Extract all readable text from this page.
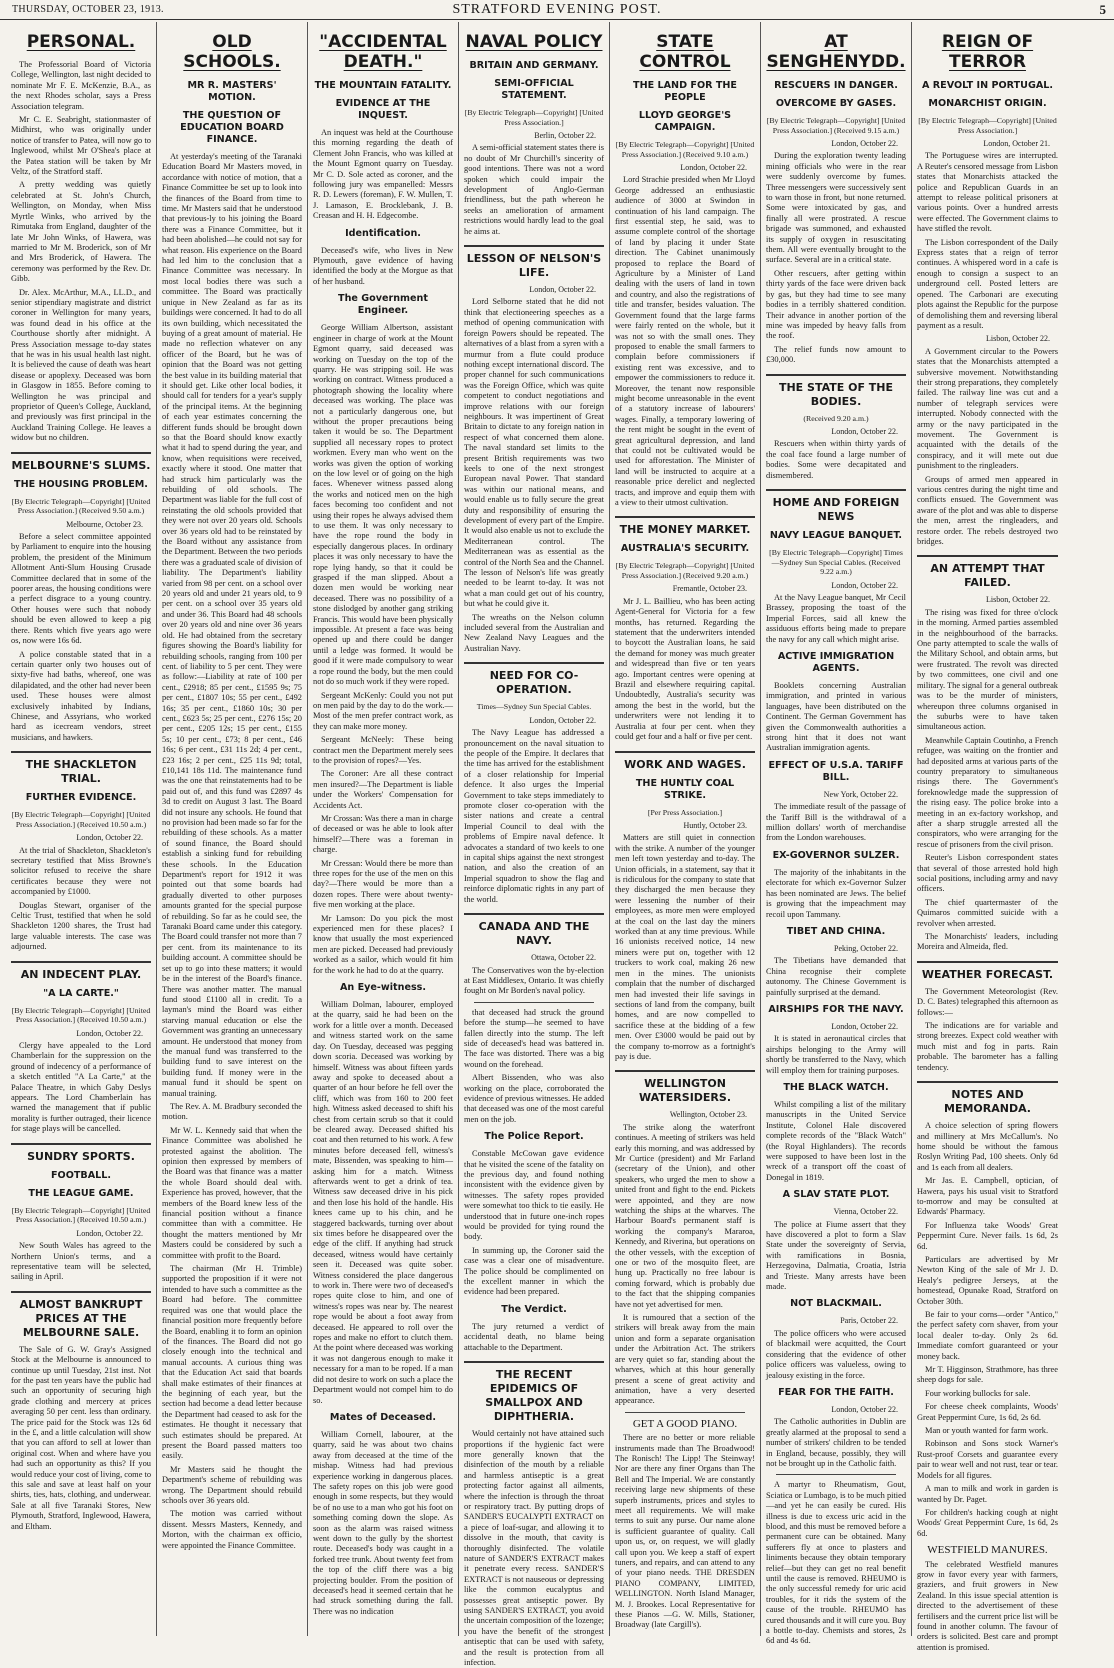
THURSDAY, OCTOBER 23, 1913.	STRATFORD EVENING POST.	5
PERSONAL.

The Professorial Board of Victoria College, Wellington, last night decided to nominate Mr F. E. McKenzie, B.A., as the next Rhodes scholar, says a Press Association telegram.

Mr C. E. Seabright, stationmaster of Midhirst, who was originally under notice of transfer to Patea, will now go to Inglewood, whilst Mr O'Shea's place at the Patea station will be taken by Mr Veltz, of the Stratford staff.

A pretty wedding was quietly celebrated at St. John's Church, Wellington, on Monday, when Miss Myrtle Winks, who arrived by the Rimutaka from England, daughter of the late Mr John Winks, of Hawera, was married to Mr M. Broderick, son of Mr and Mrs Broderick, of Hawera. The ceremony was performed by the Rev. Dr. Gibb.

Dr. Alex. McArthur, M.A., LL.D., and senior stipendiary magistrate and district coroner in Wellington for many years, was found dead in his office at the Courthouse shortly after midnight. A Press Association message to-day states that he was in his usual health last night. It is believed the cause of death was heart disease or apoplexy. Deceased was born in Glasgow in 1855. Before coming to Wellington he was principal and proprietor of Queen's College, Auckland, and previously was first principal in the Auckland Training College. He leaves a widow but no children.

MELBOURNE'S SLUMS.
THE HOUSING PROBLEM.
[By Electric Telegraph—Copyright] [United Press Association.] (Received 9.50 a.m.)
Melbourne, October 23.

Before a select committee appointed by Parliament to enquire into the housing problem, the president of the Minimum Allotment Anti-Slum Housing Crusade Committee declared that in some of the poorer areas, the housing conditions were a perfect disgrace to a young country. Other houses were such that nobody should be even allowed to keep a pig there. Rents which five years ago were os, now were 16s 6d.

A police constable stated that in a certain quarter only two houses out of sixty-five had baths, whereof, one was dilapidated, and the other had never been used. These houses were almost exclusively inhabited by Indians, Chinese, and Assyrians, who worked hard as icecream vendors, street musicians, and hawkers.

THE SHACKLETON TRIAL.
FURTHER EVIDENCE.
[By Electric Telegraph—Copyright] [United Press Association.] (Received 10.50 a.m.)
London, October 22.

At the trial of Shackleton, Shackleton's secretary testified that Miss Browne's solicitor refused to receive the share certificates because they were not accompanied by £1000.

Douglas Stewart, organiser of the Celtic Trust, testified that when he sold Shackleton 1200 shares, the Trust had large valuable interests. The case was adjourned.

AN INDECENT PLAY.
"A LA CARTE."
[By Electric Telegraph—Copyright] [United Press Association.] (Received 10.50 a.m.)
London, October 22.

Clergy have appealed to the Lord Chamberlain for the suppression on the ground of indecency of a performance of a sketch entitled "A La Carte," at the Palace Theatre, in which Gaby Deslys appears. The Lord Chamberlain has warned the management that if public morality is further outraged, their licence for stage plays will be cancelled.

SUNDRY SPORTS.
FOOTBALL.
THE LEAGUE GAME.
[By Electric Telegraph—Copyright] [United Press Association.] (Received 10.50 a.m.)
London, October 22.

New South Wales has agreed to the Northern Union's terms, and a representative team will be selected, sailing in April.

ALMOST BANKRUPT PRICES AT THE MELBOURNE SALE.

The Sale of G. W. Gray's Assigned Stock at the Melbourne is announced to continue up until Tuesday, 21st inst. Not for the past ten years have the public had such an opportunity of securing high grade clothing and mercery at prices averaging 50 per cent. less than ordinary. The price paid for the Stock was 12s 6d in the £, and a little calculation will show that you can afford to sell at lower than original cost. When and where have you had such an opportunity as this? If you would reduce your cost of living, come to this sale and save at least half on your shirts, ties, hats, clothing, and underwear. Sale at all five Taranaki Stores, New Plymouth, Stratford, Inglewood, Hawera, and Eltham.

OLD SCHOOLS.
MR R. MASTERS' MOTION.
THE QUESTION OF EDUCATION BOARD FINANCE.

At yesterday's meeting of the Taranaki Education Board Mr Masters moved, in accordance with notice of motion, that a Finance Committee be set up to look into the finances of the Board from time to time. Mr Masters said that he understood that previous-ly to his joining the Board there was a Finance Committee, but it had been abolished—he could not say for what reason. His experience on the Board had led him to the conclusion that a Finance Committee was necessary. In most local bodies there was such a committee. The Board was practically unique in New Zealand as far as its buildings were concerned. It had to do all its own building, which necessitated the buying of a great amount of material. He made no reflection whatever on any officer of the Board, but he was of opinion that the Board was not getting the best value in its building material that it should get. Like other local bodies, it should call for tenders for a year's supply of the principal items. At the beginning of each year estimates concerning the different funds should be brought down so that the Board should know exactly what it had to spend during the year, and know, when requisitions were received, exactly where it stood. One matter that had struck him particularly was the rebuilding of old schools. The Department was liable for the full cost of reinstating the old schools provided that they were not over 20 years old. Schools over 36 years old had to be reinstated by the Board without any assistance from the Department. Between the two periods there was a graduated scale of division of liability. The Department's liability varied from 98 per cent. on a school over 20 years old and under 21 years old, to 9 per cent. on a school over 35 years old and under 36. This Board had 48 schools over 20 years old and nine over 36 years old. He had obtained from the secretary figures showing the Board's liability for rebuilding schools, ranging from 100 per cent. of liability to 5 per cent. They were as follow:—Liability at rate of 100 per cent., £2918; 85 per cent., £1595 9s; 75 per cent., £1807 10s; 55 per cent., £492 16s; 35 per cent., £1860 10s; 30 per cent., £623 5s; 25 per cent., £276 15s; 20 per cent., £205 12s; 15 per cent., £155 5s; 10 per cent., £73; 8 per cent., £46 16s; 6 per cent., £31 11s 2d; 4 per cent., £23 16s; 2 per cent., £25 11s 9d; total, £10,141 18s 11d. The maintenance fund was the one that reinstatements had to be paid out of, and this fund was £2897 4s 3d to credit on August 3 last. The Board did not insure any schools. He found that no provision had been made so far for the rebuilding of these schools. As a matter of sound finance, the Board should establish a sinking fund for rebuilding these schools. In the Education Department's report for 1912 it was pointed out that some boards had gradually diverted to other purposes amounts granted for the special purpose of rebuilding. So far as he could see, the Taranaki Board came under this category. The Board could transfer not more than 7 per cent. from its maintenance to its building account. A committee should be set up to go into these matters; it would be in the interest of the Board's finance. There was another matter. The manual fund stood £1100 all in credit. To a layman's mind the Board was either starving manual education or else the Government was granting an unnecessary amount. He understood that money from the manual fund was transferred to the building fund to save interest on the building fund. If money were in the manual fund it should be spent on manual training.

The Rev. A. M. Bradbury seconded the motion.

Mr W. L. Kennedy said that when the Finance Committee was abolished he protested against the abolition. The opinion then expressed by members of the Board was that finance was a matter the whole Board should deal with. Experience has proved, however, that the members of the Board knew less of the financial position without a finance committee than with a committee. He thought the matters mentioned by Mr Masters could be considered by such a committee with profit to the Board.

The chairman (Mr H. Trimble) supported the proposition if it were not intended to have such a committee as the Board had before. The committee required was one that would place the financial position more frequently before the Board, enabling it to form an opinion of the finances. The Board did not go closely enough into the technical and manual accounts. A curious thing was that the Education Act said that boards shall make estimates of their finances at the beginning of each year, but the section had become a dead letter because the Department had ceased to ask for the estimates. He thought it necessary that such estimates should be prepared. At present the Board passed matters too easily.

Mr Masters said he thought the Department's scheme of rebuilding was wrong. The Department should rebuild schools over 36 years old.

The motion was carried without dissent. Messrs Masters, Kennedy, and Morton, with the chairman ex officio, were appointed the Finance Committee.

"ACCIDENTAL DEATH."
THE MOUNTAIN FATALITY.
EVIDENCE AT THE INQUEST.

An inquest was held at the Courthouse this morning regarding the death of Clement John Francis, who was killed at the Mount Egmont quarry on Tuesday. Mr C. D. Sole acted as coroner, and the following jury was empanelled: Messrs R. D. Lewers (foreman), F. W. Mullen, T. J. Lamason, E. Brocklebank, J. B. Creasan and H. H. Edgecombe.

Identification.

Deceased's wife, who lives in New Plymouth, gave evidence of having identified the body at the Morgue as that of her husband.

The Government Engineer.

George William Albertson, assistant engineer in charge of work at the Mount Egmont quarry, said deceased was working on Tuesday on the top of the quarry. He was stripping soil. He was working on contract. Witness produced a photograph showing the locality where deceased was working. The place was not a particularly dangerous one, but without the proper precautions being taken it would be so. The Department supplied all necessary ropes to protect workmen. Every man who went on the works was given the option of working on the low level or of going on the high faces. Whenever witness passed along the works and noticed men on the high faces becoming too confident and not using their ropes he always advised them to use them. It was only necessary to have the rope round the body in especially dangerous places. In ordinary places it was only necessary to have the rope lying handy, so that it could be grasped if the man slipped. About a dozen men would be working near deceased. There was no possibility of a stone dislodged by another gang striking Francis. This would have been physically impossible. At present a face was being opened up and there could be danger until a ledge was formed. It would be good if it were made compulsory to wear a rope round the body, but the men could not do so much work if they were roped.

Sergeant McKenly: Could you not put on men paid by the day to do the work.—Most of the men prefer contract work, as they can make more money.

Sergeant McNeely: These being contract men the Department merely sees to the provision of ropes?—Yes.

The Coroner: Are all these contract men insured?—The Department is liable under the Workers' Compensation for Accidents Act.

Mr Crossan: Was there a man in charge of deceased or was he able to look after himself?—There was a foreman in charge.

Mr Cressan: Would there be more than three ropes for the use of the men on this day?—There would be more than a dozen ropes. There were about twenty-five men working at the place.

Mr Lamson: Do you pick the most experienced men for these places? I know that usually the most experienced men are picked. Deceased had previously worked as a sailor, which would fit him for the work he had to do at the quarry.

An Eye-witness.

William Dolman, labourer, employed at the quarry, said he had been on the work for a little over a month. Deceased and witness started work on the same day. On Tuesday, deceased was pegging down scoria. Deceased was working by himself. Witness was about fifteen yards away and spoke to deceased about a quarter of an hour before he fell over the cliff, which was from 160 to 200 feet high. Witness asked deceased to shift his chest from certain scrub so that it could be cleared away. Deceased shifted his coat and then returned to his work. A few minutes before deceased fell, witness's mate, Bissenden, was speaking to him—asking him for a match. Witness afterwards went to get a drink of tea. Witness saw deceased drive in his pick and then lose his hold of the handle. His knees came up to his chin, and he staggered backwards, turning over about six times before he disappeared over the edge of the cliff. If anything had struck deceased, witness would have certainly seen it. Deceased was quite sober. Witness considered the place dangerous to work in. There were two of deceased's ropes quite close to him, and one of witness's ropes was near by. The nearest rope would be about a foot away from deceased. He appeared to roll over the ropes and make no effort to clutch them. At the point where deceased was working it was not dangerous enough to make it necessary for a man to be roped. If a man did not desire to work on such a place the Department would not compel him to do so.

Mates of Deceased.

William Cornell, labourer, at the quarry, said he was about two chains away from deceased at the time of the mishap. Witness had had previous experience working in dangerous places. The safety ropes on this job were good enough in some respects, but they would be of no use to a man who got his foot on something coming down the slope. As soon as the alarm was raised witness went down to the gully by the shortest route. Deceased's body was caught in a forked tree trunk. About twenty feet from the top of the cliff there was a big projecting boulder. From the position of deceased's head it seemed certain that he had struck something during the fall. There was no indication

NAVAL POLICY
BRITAIN AND GERMANY.
SEMI-OFFICIAL STATEMENT.
[By Electric Telegraph—Copyright] [United Press Association.]
Berlin, October 22.

A semi-official statement states there is no doubt of Mr Churchill's sincerity of good intentions. There was not a word spoken which could impair the development of Anglo-German friendliness, but the path whereon he seeks an amelioration of armament restrictions would hardly lead to the goal he aims at.

LESSON OF NELSON'S LIFE.
London, October 22.

Lord Selborne stated that he did not think that electioneering speeches as a method of opening communication with foreign Powers should be repeated. The alternatives of a blast from a syren with a murmur from a flute could produce nothing except international discord. The proper channel for such communications was the Foreign Office, which was quite competent to conduct negotiations and improve relations with our foreign neighbours. It was impertinent of Great Britain to dictate to any foreign nation in respect of what concerned them alone. The naval standard set limits to the present British requirements was two keels to one of the next strongest European naval Power. That standard was within our national means, and would enable us to fully secure the great duty and responsibility of ensuring the development of every part of the Empire. It would also enable us not to exclude the Mediterranean control. The Mediterranean was as essential as the control of the North Sea and the Channel. The lesson of Nelson's life was greatly needed to be learnt to-day. It was not what a man could get out of his country, but what he could give it.

The wreaths on the Nelson column included several from the Australian and New Zealand Navy Leagues and the Australian Navy.

NEED FOR CO-OPERATION.
Times—Sydney Sun Special Cables.
London, October 22.

The Navy League has addressed a pronouncement on the naval situation to the people of the Empire. It declares that the time has arrived for the establishment of a closer relationship for Imperial defence. It also urges the Imperial Government to take steps immediately to promote closer co-operation with the sister nations and create a central Imperial Council to deal with the problems of Empire naval defence. It advocates a standard of two keels to one in capital ships against the next strongest nation, and also the creation of an Imperial squadron to show the flag and reinforce diplomatic rights in any part of the world.

CANADA AND THE NAVY.
Ottawa, October 22.

The Conservatives won the by-election at East Middlesex, Ontario. It was chiefly fought on Mr Borden's naval policy.

that deceased had struck the ground before the stump—he seemed to have fallen directly into the stump. The left side of deceased's head was battered in. The face was distorted. There was a big wound on the forehead.

Albert Bissenden, who was also working on the place, corroborated the evidence of previous witnesses. He added that deceased was one of the most careful men on the job.

The Police Report.

Constable McCowan gave evidence that he visited the scene of the fatality on the previous day, and found nothing inconsistent with the evidence given by witnesses. The safety ropes provided were somewhat too thick to tie easily. He understood that in future one-inch ropes would be provided for tying round the body.

In summing up, the Coroner said the case was a clear one of misadventure. The police should be complimented on the excellent manner in which the evidence had been prepared.

The Verdict.

The jury returned a verdict of accidental death, no blame being attachable to the Department.

THE RECENT EPIDEMICS OF SMALLPOX AND DIPHTHERIA.

Would certainly not have attained such proportions if the hygienic fact were more generally known that the disinfection of the mouth by a reliable and harmless antiseptic is a great protecting factor against all ailments, where the infection is through the throat or respiratory tract. By putting drops of SANDER'S EUCALYPTI EXTRACT on a piece of loaf-sugar, and allowing it to dissolve in the mouth, that cavity is thoroughly disinfected. The volatile nature of SANDER'S EXTRACT makes it penetrate every recess. SANDER'S EXTRACT is not nauseous or depressing like the common eucalyptus and possesses great antiseptic power. By using SANDER'S EXTRACT, you avoid the uncertain composition of the lozenge; you have the benefit of the strongest antiseptic that can be used with safety, and the result is protection from all infection.

STATE CONTROL
THE LAND FOR THE PEOPLE
LLOYD GEORGE'S CAMPAIGN.
[By Electric Telegraph—Copyright] [United Press Association.] (Received 9.10 a.m.)
London, October 22.

Lord Strachie presided when Mr Lloyd George addressed an enthusiastic audience of 3000 at Swindon in continuation of his land campaign. The first essential step, he said, was to assume complete control of the shortage of land by placing it under State direction. The Cabinet unanimously proposed to replace the Board of Agriculture by a Minister of Land dealing with the users of land in town and country, and also the registrations of title and transfer, besides valuation. The Government found that the large farms were fairly rented on the whole, but it was not so with the small ones. They proposed to enable the small farmers to complain before commissioners if existing rent was excessive, and to empower the commissioners to reduce it. Moreover, the tenant now responsible might become unreasonable in the event of a statutory increase of labourers' wages. Finally, a temporary lowering of the rent might be sought in the event of great agricultural depression, and land that could not be cultivated would be used for afforestation. The Minister of land will be instructed to acquire at a reasonable price derelict and neglected tracts, and improve and equip them with a view to their utmost cultivation.

THE MONEY MARKET.
AUSTRALIA'S SECURITY.
[By Electric Telegraph—Copyright] [United Press Association.] (Received 9.20 a.m.)
Fremantle, October 23.

Mr J. L. Baillieu, who has been acting Agent-General for Victoria for a few months, has returned. Regarding the statement that the underwriters intended to boycott the Australian loans, he said the demand for money was much greater and widespread than five or ten years ago. Important centres were opening at Brazil and elsewhere requiring capital. Undoubtedly, Australia's security was among the best in the world, but the underwriters were not lending it to Australia at four per cent. when they could get four and a half or five per cent.

WORK AND WAGES.
THE HUNTLY COAL STRIKE.
[Per Press Association.]
Huntly, October 23.

Matters are still quiet in connection with the strike. A number of the younger men left town yesterday and to-day. The Union officials, in a statement, say that it is ridiculous for the company to state that they discharged the men because they were lessening the number of their employees, as more men were employed at the coal on the last day the miners worked than at any time previous. While 16 unionists received notice, 14 new miners were put on, together with 12 truckers to work coal, making 26 new men in the mines. The unionists complain that the number of discharged men had invested their life savings in sections of land from the company, built homes, and are now compelled to sacrifice these at the bidding of a few men. Over £3000 would be paid out by the company to-morrow as a fortnight's pay is due.

WELLINGTON WATERSIDERS.
Wellington, October 23.

The strike along the waterfront continues. A meeting of strikers was held early this morning, and was addressed by Mr Curtice (president) and Mr Farland (secretary of the Union), and other speakers, who urged the men to show a united front and fight to the end. Pickets were appointed, and they are now watching the ships at the wharves. The Harbour Board's permanent staff is working the company's Mararoa, Kennedy, and Riverina, but operations on the other vessels, with the exception of one or two of the mosquito fleet, are hung up. Practically no free labour is coming forward, which is probably due to the fact that the shipping companies have not yet advertised for men.

It is rumoured that a section of the strikers will break away from the main union and form a separate organisation under the Arbitration Act. The strikers are very quiet so far, standing about the wharves, which at this hour generally present a scene of great activity and animation, have a very deserted appearance.

GET A GOOD PIANO.

There are no better or more reliable instruments made than The Broadwood! The Ronisch! The Lipp! The Steinway! Nor are there any finer Organs than The Bell and The Imperial. We are constantly receiving large new shipments of these superb instruments, prices and styles to meet all requirements. We will make terms to suit any purse. Our name alone is sufficient guarantee of quality. Call upon us, or, on request, we will gladly call upon you. We keep a staff of expert tuners, and repairs, and can attend to any of your piano needs. THE DRESDEN PIANO COMPANY, LIMITED, WELLINGTON. North Island Manager, M. J. Brookes. Local Representative for these Pianos —G. W. Mills, Stationer, Broadway (late Cargill's).

AT SENGHENYDD.
RESCUERS IN DANGER.
OVERCOME BY GASES.
[By Electric Telegraph—Copyright] [United Press Association.] (Received 9.15 a.m.)
London, October 22.

During the exploration twenty leading mining officials who were in the rear were suddenly overcome by fumes. Three messengers were successively sent to warn those in front, but none returned. Some were intoxicated by gas, and finally all were prostrated. A rescue brigade was summoned, and exhausted its supply of oxygen in resuscitating them. All were eventually brought to the surface. Several are in a critical state.

Other rescuers, after getting within thirty yards of the face were driven back by gas, but they had time to see many bodies in a terribly shattered condition. Their advance in another portion of the mine was impeded by heavy falls from the roof.

The relief funds now amount to £30,000.

THE STATE OF THE BODIES.
(Received 9.20 a.m.)
London, October 22.

Rescuers when within thirty yards of the coal face found a large number of bodies. Some were decapitated and dismembered.

HOME AND FOREIGN NEWS
NAVY LEAGUE BANQUET.
[By Electric Telegraph—Copyright] Times—Sydney Sun Special Cables. (Received 9.22 a.m.)
London, October 22.

At the Navy League banquet, Mr Cecil Brassey, proposing the toast of the Imperial Forces, said all knew the assiduous efforts being made to prepare the navy for any call which might arise.

ACTIVE IMMIGRATION AGENTS.

Booklets concerning Australian immigration, and printed in various languages, have been distributed on the Continent. The German Government has given the Commonwealth authorities a strong hint that it does not want Australian immigration agents.

EFFECT OF U.S.A. TARIFF BILL.
New York, October 22.

The immediate result of the passage of the Tariff Bill is the withdrawal of a million dollars' worth of merchandise from the London warehouses.

EX-GOVERNOR SULZER.

The majority of the inhabitants in the electorate for which ex-Governor Sulzer has been nominated are Jews. The belief is growing that the impeachment may recoil upon Tammany.

TIBET AND CHINA.
Peking, October 22.

The Tibetians have demanded that China recognise their complete autonomy. The Chinese Government is painfully surprised at the demand.

AIRSHIPS FOR THE NAVY.
London, October 22.

It is stated in aeronautical circles that airships belonging to the Army will shortly be transferred to the Navy, which will employ them for training purposes.

THE BLACK WATCH.

Whilst compiling a list of the military manuscripts in the United Service Institute, Colonel Hale discovered complete records of the "Black Watch" (the Royal Highlanders). The records were supposed to have been lost in the wreck of a transport off the coast of Donegal in 1819.

A SLAV STATE PLOT.
Vienna, October 22.

The police at Fiume assert that they have discovered a plot to form a Slav State under the sovereignty of Servia, with ramifications in Bosnia, Herzegovina, Dalmatia, Croatia, Istria and Trieste. Many arrests have been made.

NOT BLACKMAIL.
Paris, October 22.

The police officers who were accused of blackmail were acquitted, the Court considering that the evidence of other police officers was valueless, owing to jealousy existing in the force.

FEAR FOR THE FAITH.
London, October 22.

The Catholic authorities in Dublin are greatly alarmed at the proposal to send a number of strikers' children to be tended in England, because, possibly, they will not be brought up in the Catholic faith.

A martyr to Rheumatism, Gout, Sciatica or Lumbago, is to be much pitied—and yet he can easily be cured. His illness is due to excess uric acid in the blood, and this must be removed before a permanent cure can be obtained. Many sufferers fly at once to plasters and liniments because they obtain temporary relief—but they can get no real benefit until the cause is removed. RHEUMO is the only successful remedy for uric acid troubles, for it rids the system of the cause of the trouble. RHEUMO has cured thousands and it will cure you. Buy a bottle to-day. Chemists and stores, 2s 6d and 4s 6d.

REIGN OF TERROR
A REVOLT IN PORTUGAL.
MONARCHIST ORIGIN.
[By Electric Telegraph—Copyright] [United Press Association.]
London, October 21.

The Portuguese wires are interrupted. A Reuter's censored message from Lisbon states that Monarchists attacked the police and Republican Guards in an attempt to release political prisoners at various points. Over a hundred arrests were effected. The Government claims to have stifled the revolt.

The Lisbon correspondent of the Daily Express states that a reign of terror continues. A whispered word in a cafe is enough to consign a suspect to an underground cell. Posted letters are opened. The Carbonari are executing plots against the Republic for the purpose of demolishing them and reversing liberal payment as a result.

Lisbon, October 22.

A Government circular to the Powers states that the Monarchists attempted a subversive movement. Notwithstanding their strong preparations, they completely failed. The railway line was cut and a number of telegraph services were interrupted. Nobody connected with the army or the navy participated in the movement. The Government is acquainted with the details of the conspiracy, and it will mete out due punishment to the ringleaders.

Groups of armed men appeared in various centres during the night time and conflicts ensued. The Government was aware of the plot and was able to disperse the men, arrest the ringleaders, and restore order. The rebels destroyed two bridges.

AN ATTEMPT THAT FAILED.
Lisbon, October 22.

The rising was fixed for three o'clock in the morning. Armed parties assembled in the neighbourhood of the barracks. One party attempted to scale the walls of the Military School, and obtain arms, but were frustrated. The revolt was directed by two committees, one civil and one military. The signal for a general outbreak was to be the murder of ministers, whereupon three columns organised in the suburbs were to have taken simultaneous action.

Meanwhile Captain Coutinho, a French refugee, was waiting on the frontier and had deposited arms at various parts of the country preparatory to simultaneous risings there. The Government's foreknowledge made the suppression of the rising easy. The police broke into a meeting in an ex-factory workshop, and after a sharp struggle arrested all the conspirators, who were arranging for the rescue of prisoners from the civil prison.

Reuter's Lisbon correspondent states that several of those arrested hold high social positions, including army and navy officers.

The chief quartermaster of the Quimaros committed suicide with a revolver when arrested.

The Monarchists' leaders, including Moreira and Almeida, fled.

WEATHER FORECAST.

The Government Meteorologist (Rev. D. C. Bates) telegraphed this afternoon as follows:—

The indications are for variable and strong breezes. Expect cold weather with much mist and fog in parts. Rain probable. The barometer has a falling tendency.

NOTES AND MEMORANDA.

A choice selection of spring flowers and millinery at Mrs McCallum's. No home should be without the famous Roslyn Writing Pad, 100 sheets. Only 6d and 1s each from all dealers.

Mr Jas. E. Campbell, optician, of Hawera, pays his usual visit to Stratford to-morrow and may be consulted at Edwards' Pharmacy.

For Influenza take Woods' Great Peppermint Cure. Never fails. 1s 6d, 2s 6d.

Particulars are advertised by Mr Newton King of the sale of Mr J. D. Healy's pedigree Jerseys, at the homestead, Opunake Road, Stratford on October 30th.

Be fair to your corns—order "Antico," the perfect safety corn shaver, from your local dealer to-day. Only 2s 6d. Immediate comfort guaranteed or your money back.

Mr T. Higginson, Strathmore, has three sheep dogs for sale.

Four working bullocks for sale.

For cheese cheek complaints, Woods' Great Peppermint Cure, 1s 6d, 2s 6d.

Man or youth wanted for farm work.

Robinson and Sons stock Warner's Rust-proof Corsets and guarantee every pair to wear well and not rust, tear or tear. Models for all figures.

A man to milk and work in garden is wanted by Dr. Paget.

For children's hacking cough at night Woods' Great Peppermint Cure, 1s 6d, 2s 6d.

WESTFIELD MANURES.

The celebrated Westfield manures grow in favor every year with farmers, graziers, and fruit growers in New Zealand. In this issue special attention is directed to the advertisement of these fertilisers and the current price list will be found in another column. The favour of orders is solicited. Best care and prompt attention is promised.
